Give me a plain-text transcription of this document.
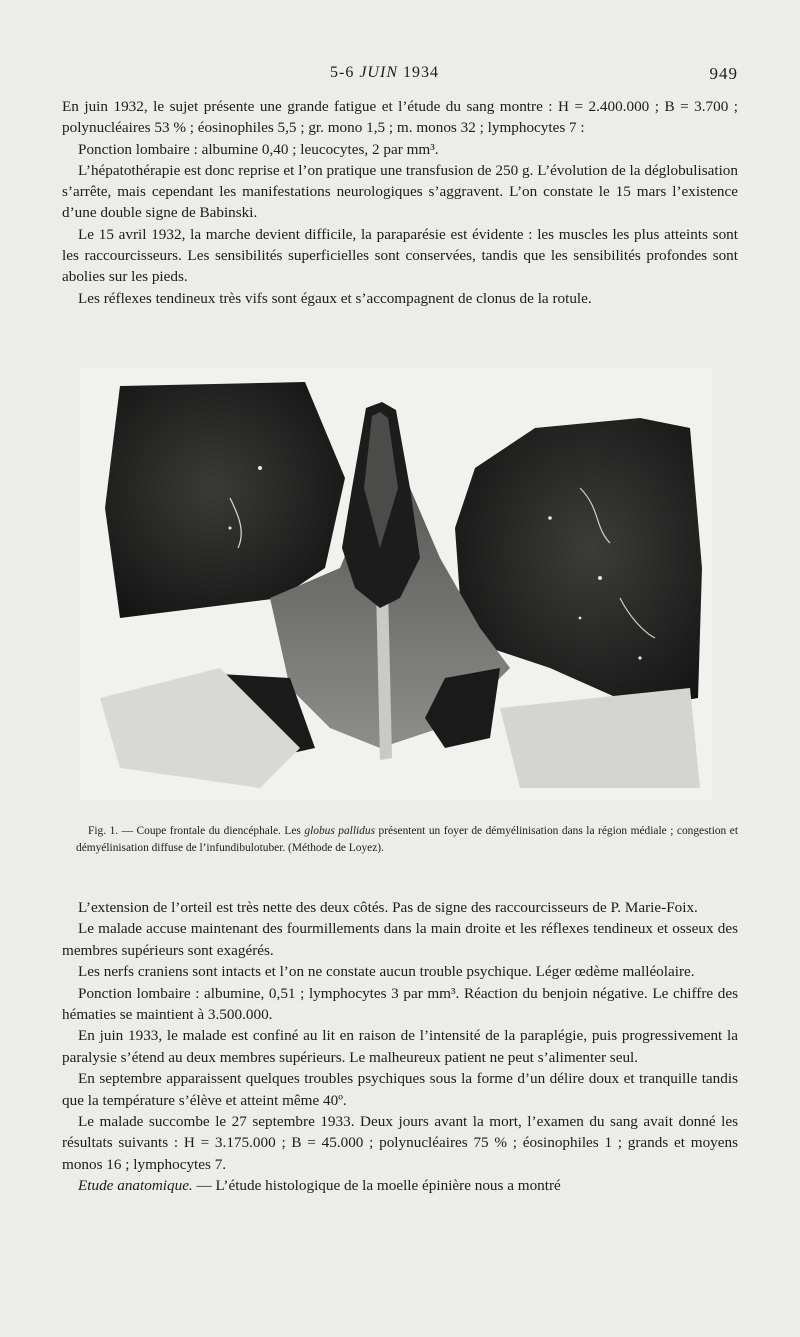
5-6 JUIN 1934	949

En juin 1932, le sujet présente une grande fatigue et l’étude du sang montre : H = 2.400.000 ; B = 3.700 ; polynucléaires 53 % ; éosinophiles 5,5 ; gr. mono 1,5 ; m. monos 32 ; lymphocytes 7 :

Ponction lombaire : albumine 0,40 ; leucocytes, 2 par mm³.

L’hépatothérapie est donc reprise et l’on pratique une transfusion de 250 g. L’évolution de la déglobulisation s’arrête, mais cependant les manifestations neurologiques s’aggravent. L’on constate le 15 mars l’existence d’une double signe de Babinski.

Le 15 avril 1932, la marche devient difficile, la paraparésie est évidente : les muscles les plus atteints sont les raccourcisseurs. Les sensibilités superficielles sont conservées, tandis que les sensibilités profondes sont abolies sur les pieds.

Les réflexes tendineux très vifs sont égaux et s’accompagnent de clonus de la rotule.

Fig. 1. — Coupe frontale du diencéphale. Les globus pallidus présentent un foyer de démyélinisation dans la région médiale ; congestion et démyélinisation diffuse de l’infundibulotuber. (Méthode de Loyez).

L’extension de l’orteil est très nette des deux côtés. Pas de signe des raccourcisseurs de P. Marie-Foix.

Le malade accuse maintenant des fourmillements dans la main droite et les réflexes tendineux et osseux des membres supérieurs sont exagérés.

Les nerfs craniens sont intacts et l’on ne constate aucun trouble psychique. Léger œdème malléolaire.

Ponction lombaire : albumine, 0,51 ; lymphocytes 3 par mm³. Réaction du benjoin négative. Le chiffre des hématies se maintient à 3.500.000.

En juin 1933, le malade est confiné au lit en raison de l’intensité de la paraplégie, puis progressivement la paralysie s’étend au deux membres supérieurs. Le malheureux patient ne peut s’alimenter seul.

En septembre apparaissent quelques troubles psychiques sous la forme d’un délire doux et tranquille tandis que la température s’élève et atteint même 40º.

Le malade succombe le 27 septembre 1933. Deux jours avant la mort, l’examen du sang avait donné les résultats suivants : H = 3.175.000 ; B = 45.000 ; polynucléaires 75 % ; éosinophiles 1 ; grands et moyens monos 16 ; lymphocytes 7.

Etude anatomique. — L’étude histologique de la moelle épinière nous a montré
